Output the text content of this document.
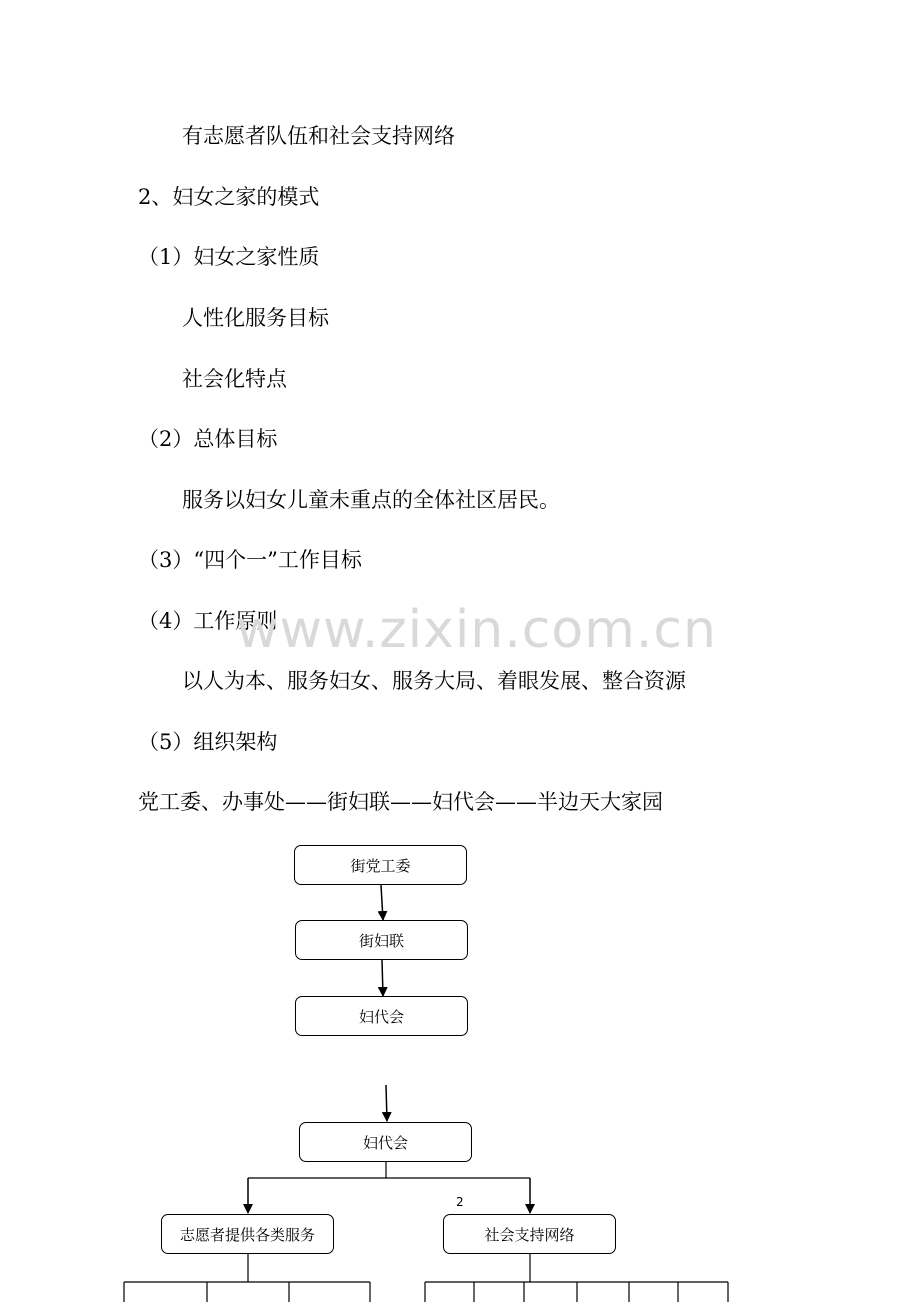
有志愿者队伍和社会支持网络
2、妇女之家的模式
（1）妇女之家性质
人性化服务目标
社会化特点
（2）总体目标
服务以妇女儿童未重点的全体社区居民。
（3）“四个一”工作目标
（4）工作原则
以人为本、服务妇女、服务大局、着眼发展、整合资源
（5）组织架构
党工委、办事处——街妇联——妇代会——半边天大家园
www.zixin.com.cn
街党工委
街妇联
妇代会
妇代会
志愿者提供各类服务	社会支持网络
2
